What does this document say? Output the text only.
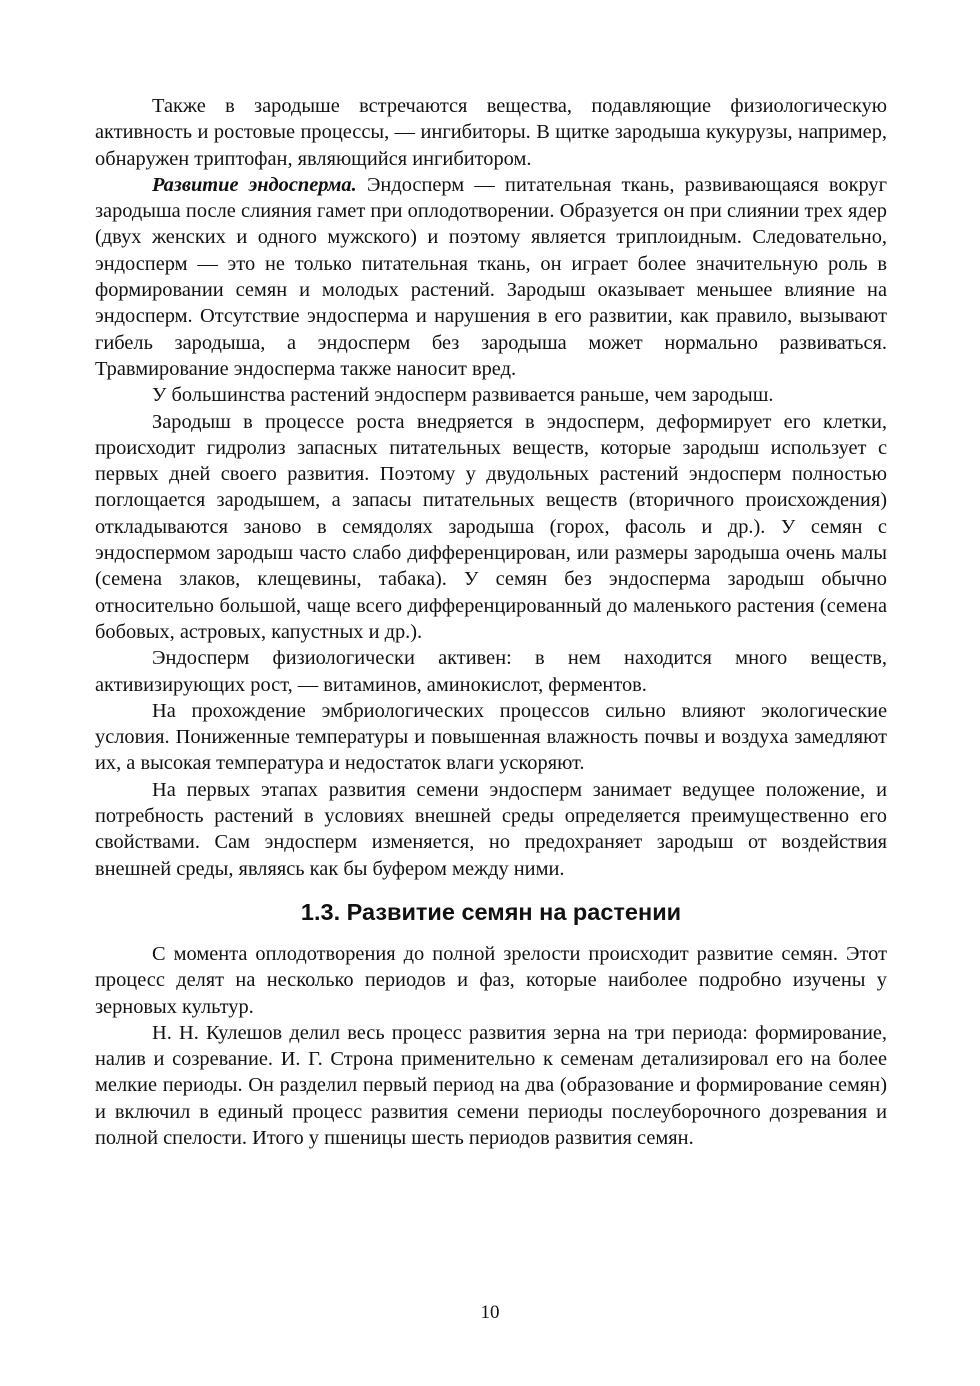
Также в зародыше встречаются вещества, подавляющие физиологическую активность и ростовые процессы, — ингибиторы. В щитке зародыша кукурузы, например, обнаружен триптофан, являющийся ингибитором.

Развитие эндосперма. Эндосперм — питательная ткань, развивающаяся вокруг зародыша после слияния гамет при оплодотворении. Образуется он при слиянии трех ядер (двух женских и одного мужского) и поэтому является триплоидным. Следовательно, эндосперм — это не только питательная ткань, он играет более значительную роль в формировании семян и молодых растений. Зародыш оказывает меньшее влияние на эндосперм. Отсутствие эндосперма и нарушения в его развитии, как правило, вызывают гибель зародыша, а эндосперм без зародыша может нормально развиваться. Травмирование эндосперма также наносит вред.

У большинства растений эндосперм развивается раньше, чем зародыш.

Зародыш в процессе роста внедряется в эндосперм, деформирует его клетки, происходит гидролиз запасных питательных веществ, которые зародыш использует с первых дней своего развития. Поэтому у двудольных растений эндосперм полностью поглощается зародышем, а запасы питательных веществ (вторичного происхождения) откладываются заново в семядолях зародыша (горох, фасоль и др.). У семян с эндоспермом зародыш часто слабо дифференцирован, или размеры зародыша очень малы (семена злаков, клещевины, табака). У семян без эндосперма зародыш обычно относительно большой, чаще всего дифференцированный до маленького растения (семена бобовых, астровых, капустных и др.).

Эндосперм физиологически активен: в нем находится много веществ, активизирующих рост, — витаминов, аминокислот, ферментов.

На прохождение эмбриологических процессов сильно влияют экологические условия. Пониженные температуры и повышенная влажность почвы и воздуха замедляют их, а высокая температура и недостаток влаги ускоряют.

На первых этапах развития семени эндосперм занимает ведущее положение, и потребность растений в условиях внешней среды определяется преимущественно его свойствами. Сам эндосперм изменяется, но предохраняет зародыш от воздействия внешней среды, являясь как бы буфером между ними.

1.3. Развитие семян на растении

С момента оплодотворения до полной зрелости происходит развитие семян. Этот процесс делят на несколько периодов и фаз, которые наиболее подробно изучены у зерновых культур.

Н. Н. Кулешов делил весь процесс развития зерна на три периода: формирование, налив и созревание. И. Г. Строна применительно к семенам детализировал его на более мелкие периоды. Он разделил первый период на два (образование и формирование семян) и включил в единый процесс развития семени периоды послеуборочного дозревания и полной спелости. Итого у пшеницы шесть периодов развития семян.

10
